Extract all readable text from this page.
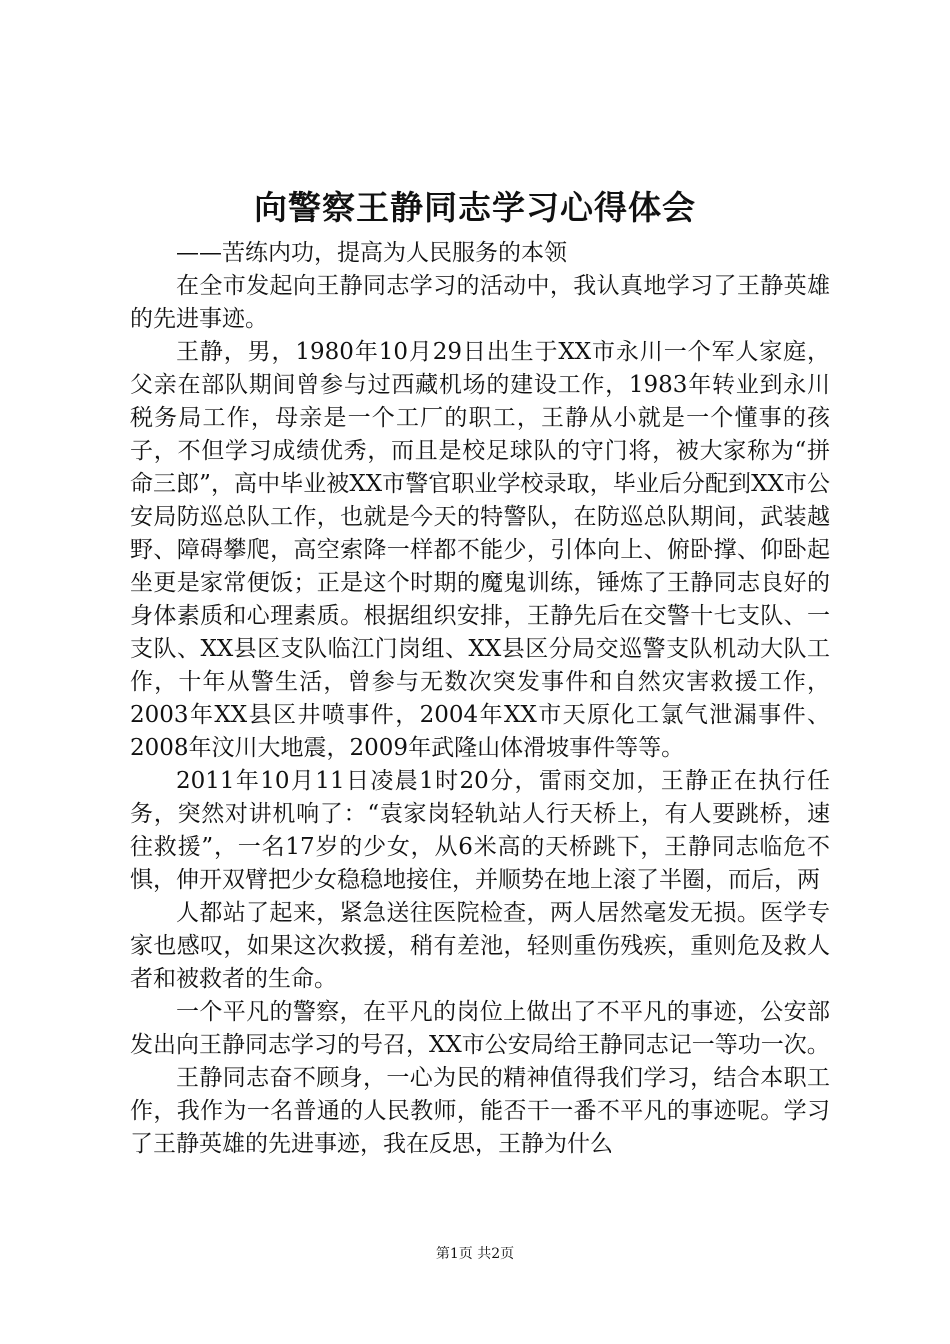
向警察王静同志学习心得体会

——苦练内功，提高为人民服务的本领

在全市发起向王静同志学习的活动中，我认真地学习了王静英雄的先进事迹。

王静，男，1980年10月29日出生于XX市永川一个军人家庭，父亲在部队期间曾参与过西藏机场的建设工作，1983年转业到永川税务局工作，母亲是一个工厂的职工，王静从小就是一个懂事的孩子，不但学习成绩优秀，而且是校足球队的守门将，被大家称为“拼命三郎”，高中毕业被XX市警官职业学校录取，毕业后分配到XX市公安局防巡总队工作，也就是今天的特警队，在防巡总队期间，武装越野、障碍攀爬，高空索降一样都不能少，引体向上、俯卧撑、仰卧起坐更是家常便饭；正是这个时期的魔鬼训练，锤炼了王静同志良好的身体素质和心理素质。根据组织安排，王静先后在交警十七支队、一支队、XX县区支队临江门岗组、XX县区分局交巡警支队机动大队工作，十年从警生活，曾参与无数次突发事件和自然灾害救援工作，2003年XX县区井喷事件，2004年XX市天原化工氯气泄漏事件、2008年汶川大地震，2009年武隆山体滑坡事件等等。

2011年10月11日凌晨1时20分，雷雨交加，王静正在执行任务，突然对讲机响了：“袁家岗轻轨站人行天桥上，有人要跳桥，速往救援”，一名17岁的少女，从6米高的天桥跳下，王静同志临危不惧，伸开双臂把少女稳稳地接住，并顺势在地上滚了半圈，而后，两

人都站了起来，紧急送往医院检查，两人居然毫发无损。医学专家也感叹，如果这次救援，稍有差池，轻则重伤残疾，重则危及救人者和被救者的生命。

一个平凡的警察，在平凡的岗位上做出了不平凡的事迹，公安部发出向王静同志学习的号召，XX市公安局给王静同志记一等功一次。

王静同志奋不顾身，一心为民的精神值得我们学习，结合本职工作，我作为一名普通的人民教师，能否干一番不平凡的事迹呢。学习了王静英雄的先进事迹，我在反思，王静为什么

第1页 共2页
